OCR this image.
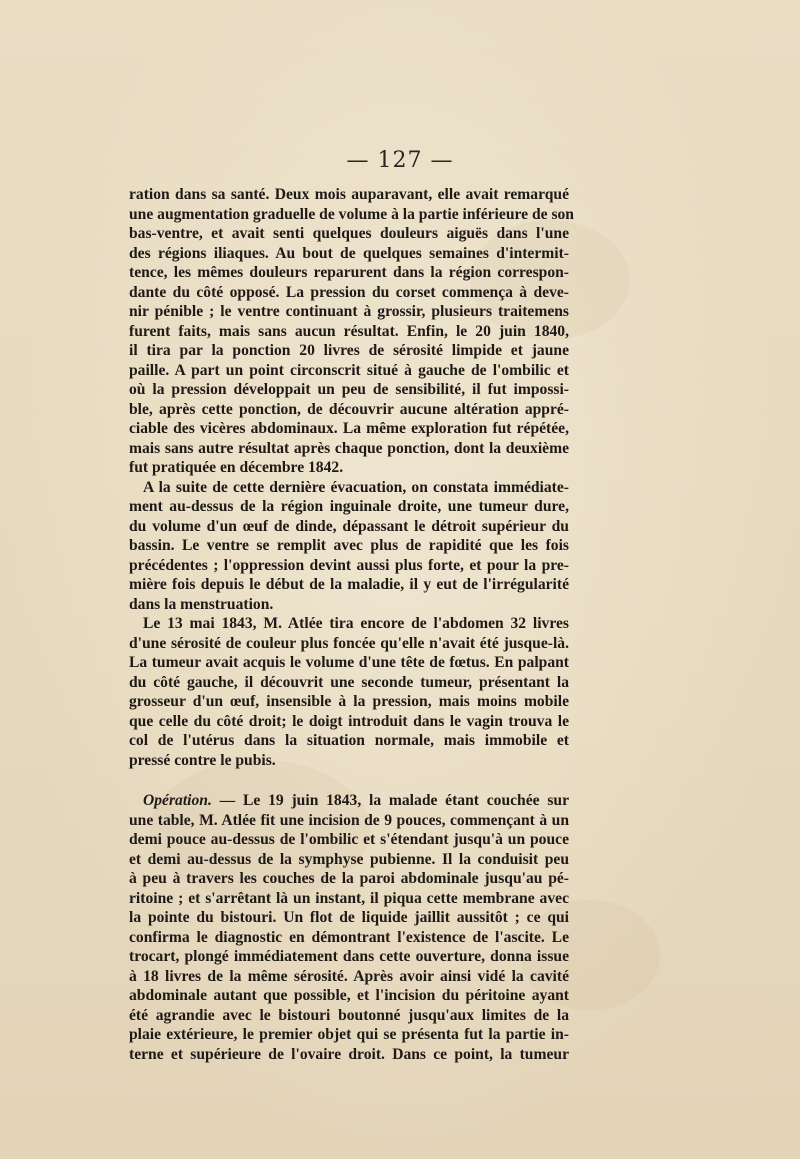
— 127 —
ration dans sa santé. Deux mois auparavant, elle avait remarqué
une augmentation graduelle de volume à la partie inférieure de son
bas-ventre, et avait senti quelques douleurs aiguës dans l'une
des régions iliaques. Au bout de quelques semaines d'intermit-
tence, les mêmes douleurs reparurent dans la région correspon-
dante du côté opposé. La pression du corset commença à deve-
nir pénible ; le ventre continuant à grossir, plusieurs traitemens
furent faits, mais sans aucun résultat. Enfin, le 20 juin 1840,
il tira par la ponction 20 livres de sérosité limpide et jaune
paille. A part un point circonscrit situé à gauche de l'ombilic et
où la pression développait un peu de sensibilité, il fut impossi-
ble, après cette ponction, de découvrir aucune altération appré-
ciable des vicères abdominaux. La même exploration fut répétée,
mais sans autre résultat après chaque ponction, dont la deuxième
fut pratiquée en décembre 1842.
A la suite de cette dernière évacuation, on constata immédiate-
ment au-dessus de la région inguinale droite, une tumeur dure,
du volume d'un œuf de dinde, dépassant le détroit supérieur du
bassin. Le ventre se remplit avec plus de rapidité que les fois
précédentes ; l'oppression devint aussi plus forte, et pour la pre-
mière fois depuis le début de la maladie, il y eut de l'irrégularité
dans la menstruation.
Le 13 mai 1843, M. Atlée tira encore de l'abdomen 32 livres
d'une sérosité de couleur plus foncée qu'elle n'avait été jusque-là.
La tumeur avait acquis le volume d'une tête de fœtus. En palpant
du côté gauche, il découvrit une seconde tumeur, présentant la
grosseur d'un œuf, insensible à la pression, mais moins mobile
que celle du côté droit; le doigt introduit dans le vagin trouva le
col de l'utérus dans la situation normale, mais immobile et
pressé contre le pubis.
Opération. — Le 19 juin 1843, la malade étant couchée sur
une table, M. Atlée fit une incision de 9 pouces, commençant à un
demi pouce au-dessus de l'ombilic et s'étendant jusqu'à un pouce
et demi au-dessus de la symphyse pubienne. Il la conduisit peu
à peu à travers les couches de la paroi abdominale jusqu'au pé-
ritoine ; et s'arrêtant là un instant, il piqua cette membrane avec
la pointe du bistouri. Un flot de liquide jaillit aussitôt ; ce qui
confirma le diagnostic en démontrant l'existence de l'ascite. Le
trocart, plongé immédiatement dans cette ouverture, donna issue
à 18 livres de la même sérosité. Après avoir ainsi vidé la cavité
abdominale autant que possible, et l'incision du péritoine ayant
été agrandie avec le bistouri boutonné jusqu'aux limites de la
plaie extérieure, le premier objet qui se présenta fut la partie in-
terne et supérieure de l'ovaire droit. Dans ce point, la tumeur
